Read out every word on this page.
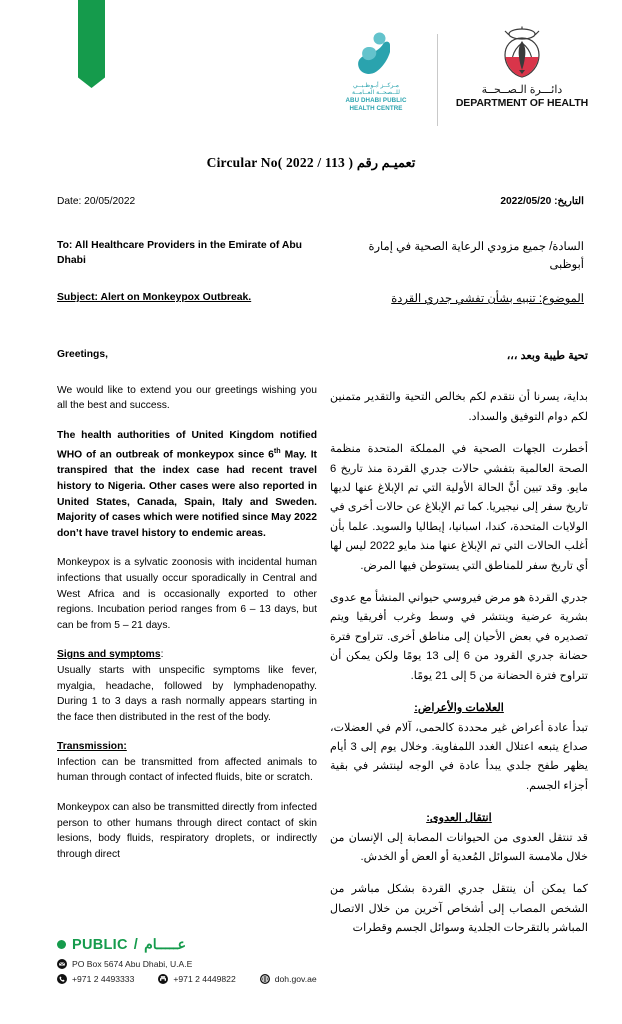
مـركــز أبـوظـبــي
للــصحــة العــامــة
ABU DHABI PUBLIC
HEALTH CENTRE
دائـــرة الـصــحــة
DEPARTMENT OF HEALTH
Circular No( 2022 / 113 ) تعميـم رقم
Date: 20/05/2022	التاريخ: 2022/05/20
To: All Healthcare Providers in the Emirate of Abu Dhabi
السادة/ جميع مزودي الرعاية الصحية في إمارة أبوظبى
Subject: Alert on Monkeypox Outbreak.	الموضوع: تنبيه بشأن تفشي جدري القردة

Greetings,

We would like to extend you our greetings wishing you all the best and success.

The health authorities of United Kingdom notified WHO of an outbreak of monkeypox since 6th May. It transpired that the index case had recent travel history to Nigeria. Other cases were also reported in United States, Canada, Spain, Italy and Sweden. Majority of cases which were notified since May 2022 don’t have travel history to endemic areas.

Monkeypox is a sylvatic zoonosis with incidental human infections that usually occur sporadically in Central and West Africa and is occasionally exported to other regions. Incubation period ranges from 6 – 13 days, but can be from 5 – 21 days.

Signs and symptoms:
Usually starts with unspecific symptoms like fever, myalgia, headache, followed by lymphadenopathy. During 1 to 3 days a rash normally appears starting in the face then distributed in the rest of the body.

Transmission:
Infection can be transmitted from affected animals to human through contact of infected fluids, bite or scratch.

Monkeypox can also be transmitted directly from infected person to other humans through direct contact of skin lesions, body fluids, respiratory droplets, or indirectly through direct

تحية طيبة وبعد ،،،

بداية، يسرنا أن نتقدم لكم بخالص التحية والتقدير متمنين لكم دوام التوفيق والسداد.

أخطرت الجهات الصحية في المملكة المتحدة منظمة الصحة العالمية بتفشي حالات جدري القردة منذ تاريخ 6 مايو. وقد تبين أنَّ الحالة الأولية التي تم الإبلاغ عنها لديها تاريخ سفر إلى نيجيريا. كما تم الإبلاغ عن حالات أخرى في الولايات المتحدة، كندا، اسبانيا، إيطاليا والسويد. علما بأن أغلب الحالات التي تم الإبلاغ عنها منذ مايو 2022 ليس لها أي تاريخ سفر للمناطق التي يستوطن فيها المرض.

جدري القردة هو مرض فيروسي حيواني المنشأ مع عدوى بشرية عرضية وينتشر في وسط وغرب أفريقيا ويتم تصديره في بعض الأحيان إلى مناطق أخرى. تتراوح فترة حضانة جدري القرود من 6 إلى 13 يومًا ولكن يمكن أن تتراوح فترة الحضانة من 5 إلى 21 يومًا.

العلامات والأعراض:
تبدأ عادة أعراض غير محددة كالحمى، آلام في العضلات، صداع يتبعه اعتلال الغدد اللمفاوية. وخلال يوم إلى 3 أيام يظهر طفح جلدي يبدأ عادة في الوجه لينتشر في بقية أجزاء الجسم.

انتقال العدوى:
قد تنتقل العدوى من الحيوانات المصابة إلى الإنسان من خلال ملامسة السوائل المُعدية أو العض أو الخدش.

كما يمكن أن ينتقل جدري القردة بشكل مباشر من الشخص المصاب إلى أشخاص آخرين من خلال الاتصال المباشر بالتقرحات الجلدية وسوائل الجسم وقطرات

PUBLIC / عـــــام
PO Box 5674 Abu Dhabi, U.A.E
+971 2 4493333	+971 2 4449822	doh.gov.ae
